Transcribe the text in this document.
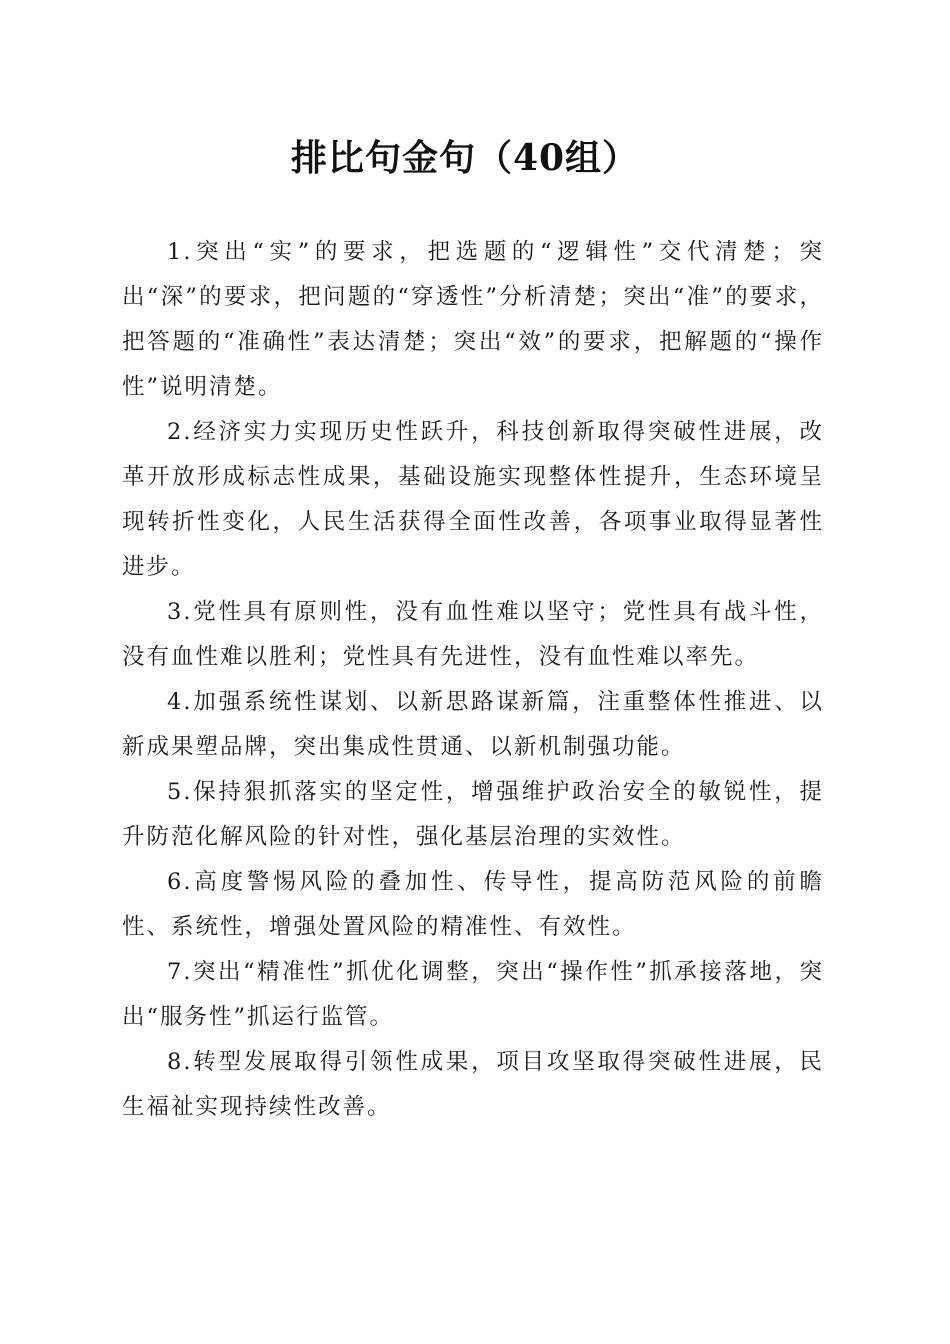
排比句金句（40组）

1.突出“实”的要求，把选题的“逻辑性”交代清楚；突出“深”的要求，把问题的“穿透性”分析清楚；突出“准”的要求，把答题的“准确性”表达清楚；突出“效”的要求，把解题的“操作性”说明清楚。

2.经济实力实现历史性跃升，科技创新取得突破性进展，改革开放形成标志性成果，基础设施实现整体性提升，生态环境呈现转折性变化，人民生活获得全面性改善，各项事业取得显著性进步。

3.党性具有原则性，没有血性难以坚守；党性具有战斗性，没有血性难以胜利；党性具有先进性，没有血性难以率先。

4.加强系统性谋划、以新思路谋新篇，注重整体性推进、以新成果塑品牌，突出集成性贯通、以新机制强功能。

5.保持狠抓落实的坚定性，增强维护政治安全的敏锐性，提升防范化解风险的针对性，强化基层治理的实效性。

6.高度警惕风险的叠加性、传导性，提高防范风险的前瞻性、系统性，增强处置风险的精准性、有效性。

7.突出“精准性”抓优化调整，突出“操作性”抓承接落地，突出“服务性”抓运行监管。

8.转型发展取得引领性成果，项目攻坚取得突破性进展，民生福祉实现持续性改善。
